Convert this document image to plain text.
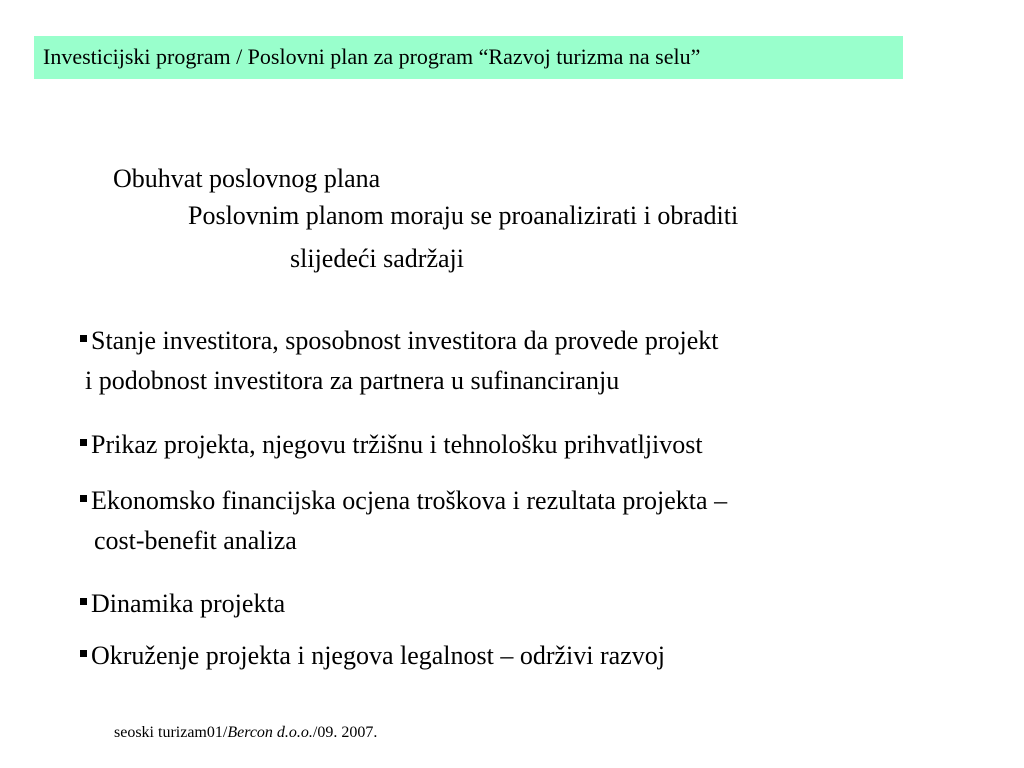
Investicijski program / Poslovni plan za program “Razvoj turizma na selu”
Obuhvat poslovnog plana
Poslovnim planom moraju se proanalizirati i obraditi
slijedeći sadržaji
Stanje investitora, sposobnost investitora da provede projekt
i podobnost investitora za partnera u sufinanciranju
Prikaz projekta, njegovu tržišnu i tehnološku prihvatljivost
Ekonomsko financijska ocjena troškova i rezultata projekta –
cost-benefit analiza
Dinamika projekta
Okruženje projekta i njegova legalnost – održivi razvoj
seoski turizam01/Bercon d.o.o./09. 2007.
